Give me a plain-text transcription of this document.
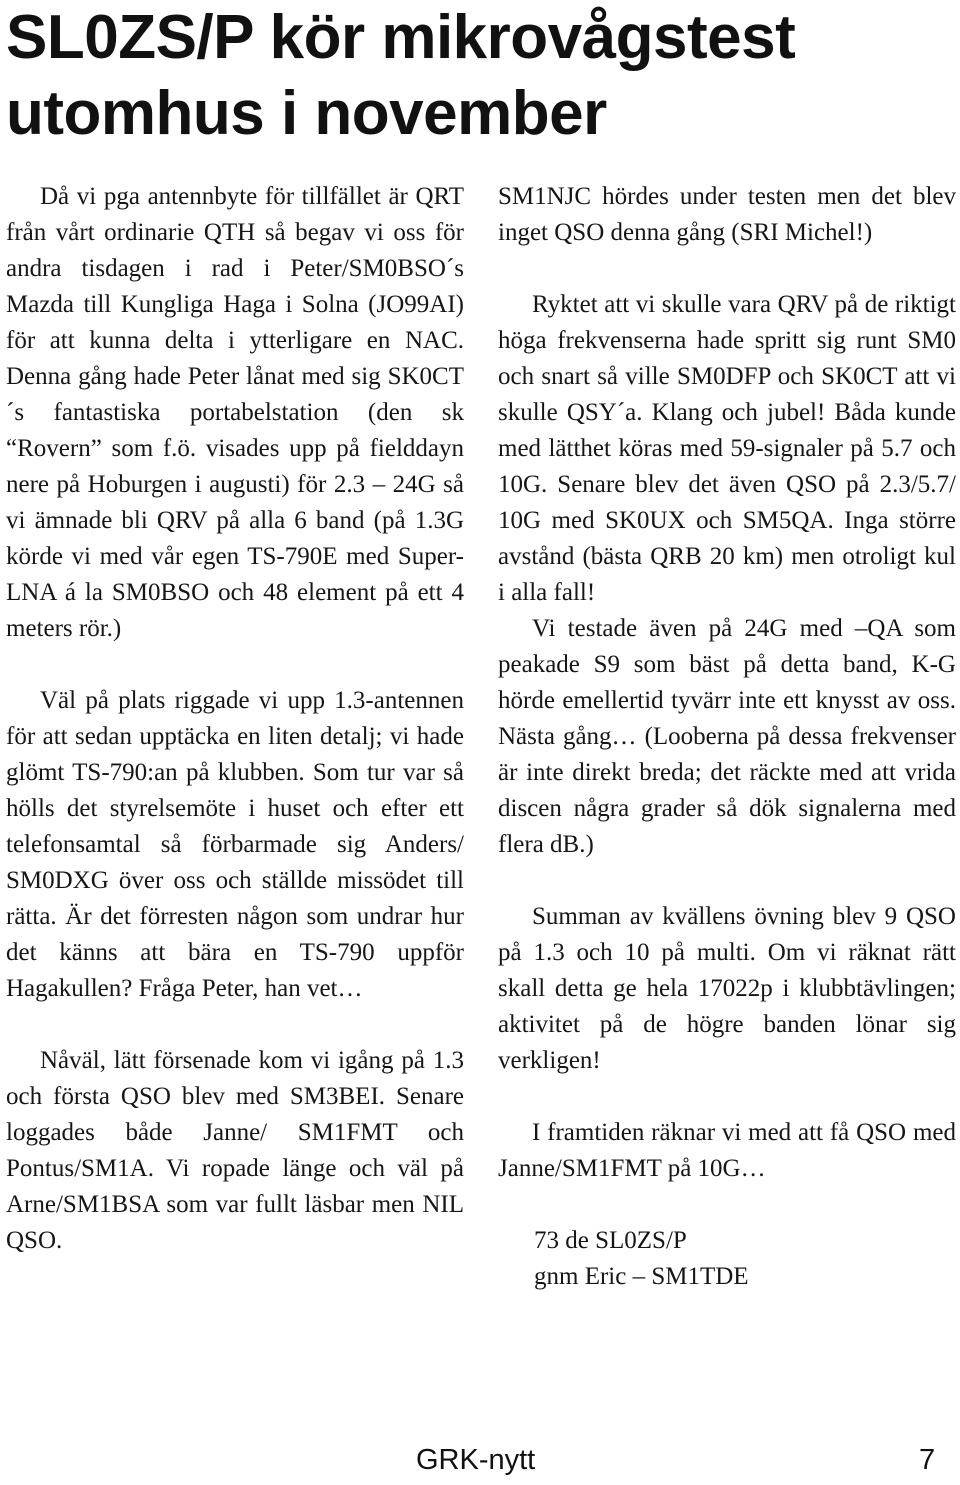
SL0ZS/P kör mikrovågstest utomhus i november

Då vi pga antennbyte för tillfället är QRT från vårt ordinarie QTH så begav vi oss för andra tisdagen i rad i Peter/SM0BSO´s Mazda till Kungliga Haga i Solna (JO99AI) för att kunna delta i ytterligare en NAC. Denna gång hade Peter lånat med sig SK0CT´s fantastiska portabelstation (den sk “Rovern” som f.ö. visades upp på fielddayn nere på Hoburgen i augusti) för 2.3 – 24G så vi ämnade bli QRV på alla 6 band (på 1.3G körde vi med vår egen TS-790E med Super-LNA á la SM0BSO och 48 element på ett 4 meters rör.)

Väl på plats riggade vi upp 1.3-antennen för att sedan upptäcka en liten detalj; vi hade glömt TS-790:an på klubben. Som tur var så hölls det styrelsemöte i huset och efter ett telefonsamtal så förbarmade sig Anders/ SM0DXG över oss och ställde missödet till rätta. Är det förresten någon som undrar hur det känns att bära en TS-790 uppför Hagakullen? Fråga Peter, han vet…

Nåväl, lätt försenade kom vi igång på 1.3 och första QSO blev med SM3BEI. Senare loggades både Janne/ SM1FMT och Pontus/SM1A. Vi ropade länge och väl på Arne/SM1BSA som var fullt läsbar men NIL QSO.

SM1NJC hördes under testen men det blev inget QSO denna gång (SRI Michel!)

Ryktet att vi skulle vara QRV på de riktigt höga frekvenserna hade spritt sig runt SM0 och snart så ville SM0DFP och SK0CT att vi skulle QSY´a. Klang och jubel! Båda kunde med lätthet köras med 59-signaler på 5.7 och 10G. Senare blev det även QSO på 2.3/5.7/ 10G med SK0UX och SM5QA. Inga större avstånd (bästa QRB 20 km) men otroligt kul i alla fall!

Vi testade även på 24G med –QA som peakade S9 som bäst på detta band, K-G hörde emellertid tyvärr inte ett knysst av oss. Nästa gång… (Looberna på dessa frekvenser är inte direkt breda; det räckte med att vrida discen några grader så dök signalerna med flera dB.)

Summan av kvällens övning blev 9 QSO på 1.3 och 10 på multi. Om vi räknat rätt skall detta ge hela 17022p i klubbtävlingen; aktivitet på de högre banden lönar sig verkligen!

I framtiden räknar vi med att få QSO med Janne/SM1FMT på 10G…

73 de SL0ZS/P
gnm Eric – SM1TDE
GRK-nytt	7
